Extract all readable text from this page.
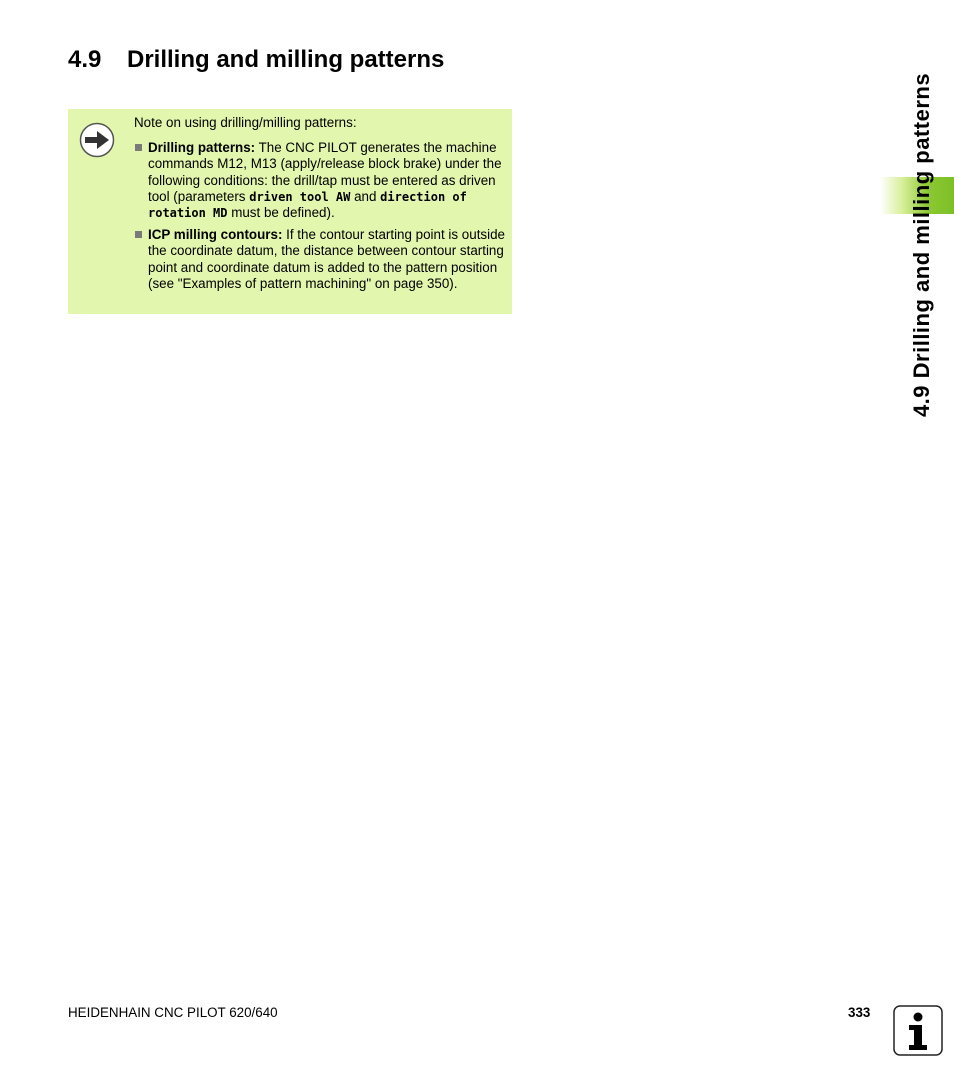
4.9 Drilling and milling patterns

Note on using drilling/milling patterns:

Drilling patterns: The CNC PILOT generates the machine commands M12, M13 (apply/release block brake) under the following conditions: the drill/tap must be entered as driven tool (parameters driven tool AW and direction of rotation MD must be defined).

ICP milling contours: If the contour starting point is outside the coordinate datum, the distance between contour starting point and coordinate datum is added to the pattern position (see "Examples of pattern machining" on page 350).	4.9 Drilling and milling patterns
HEIDENHAIN CNC PILOT 620/640	333
